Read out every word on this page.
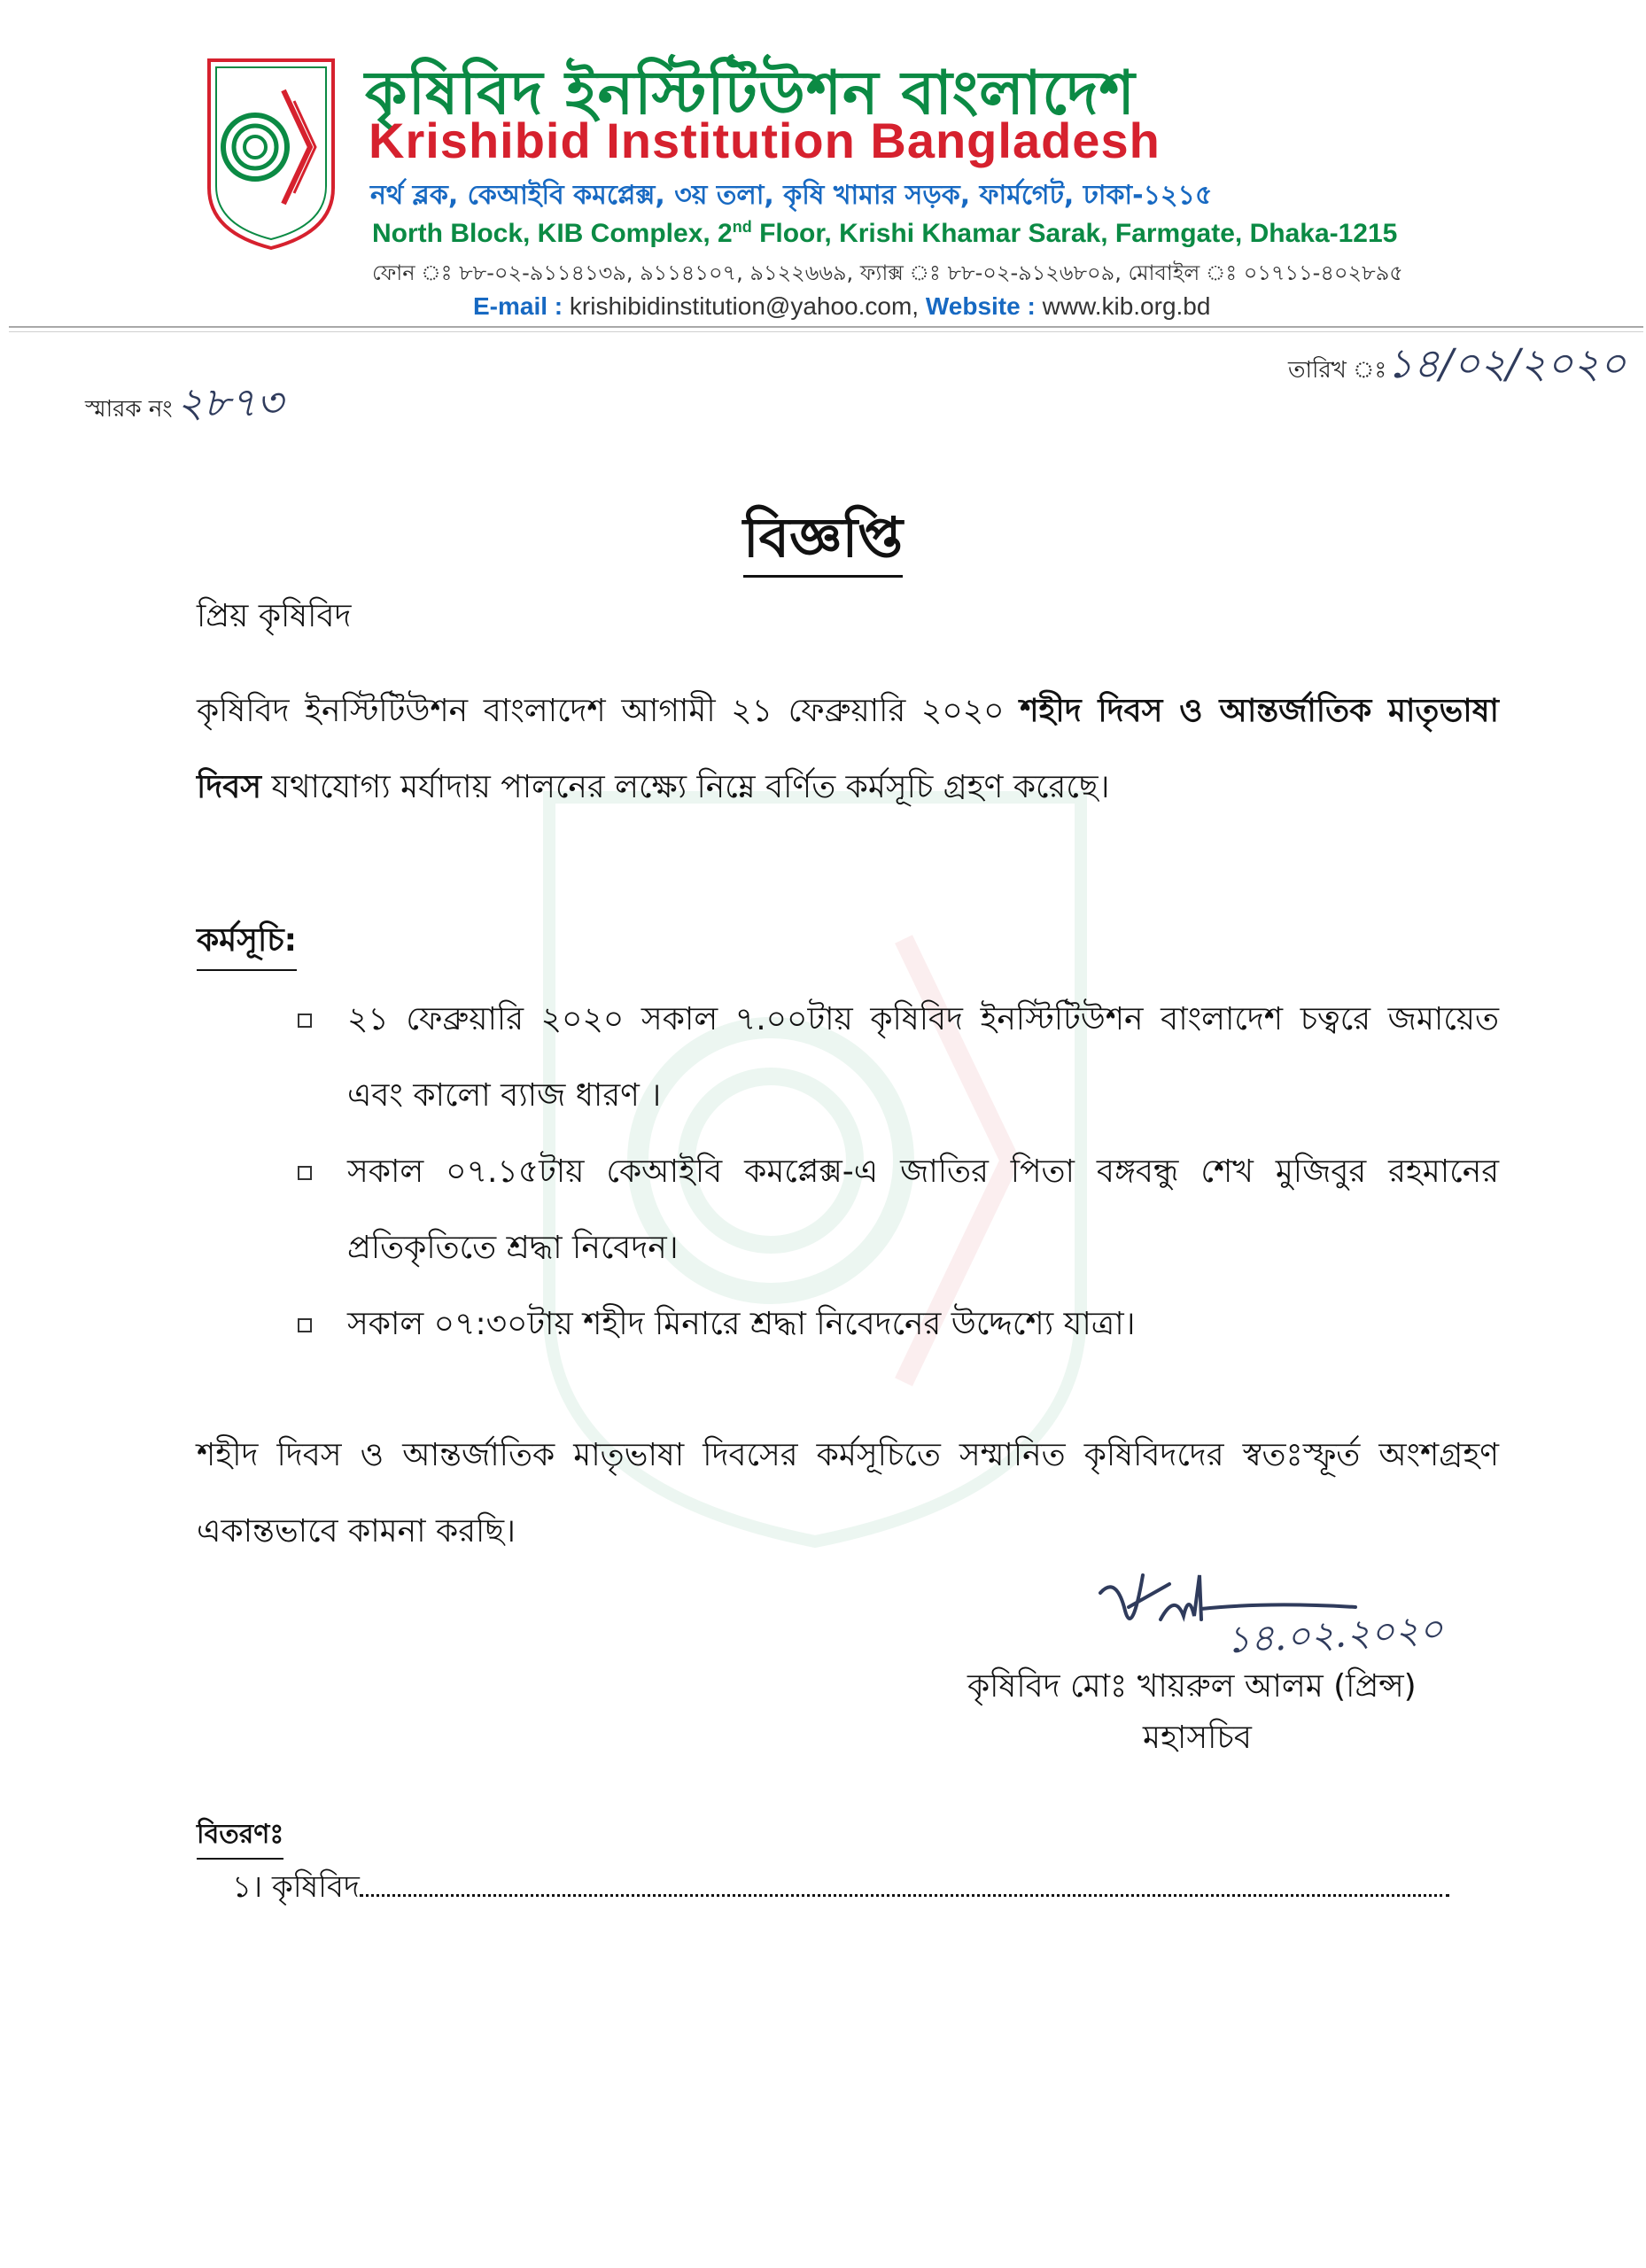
কৃষিবিদ ইনস্টিটিউশন বাংলাদেশ
Krishibid Institution Bangladesh
নর্থ ব্লক, কেআইবি কমপ্লেক্স, ৩য় তলা, কৃষি খামার সড়ক, ফার্মগেট, ঢাকা-১২১৫
North Block, KIB Complex, 2nd Floor, Krishi Khamar Sarak, Farmgate, Dhaka-1215
ফোন ঃ ৮৮-০২-৯১১৪১৩৯, ৯১১৪১০৭, ৯১২২৬৬৯, ফ্যাক্স ঃ ৮৮-০২-৯১২৬৮০৯, মোবাইল ঃ ০১৭১১-৪০২৮৯৫
E-mail : krishibidinstitution@yahoo.com, Website : www.kib.org.bd
স্মারক নং ২৮৭৩
তারিখ ঃ১৪/০২/২০২০
বিজ্ঞপ্তি
প্রিয় কৃষিবিদ
কৃষিবিদ ইনস্টিটিউশন বাংলাদেশ আগামী ২১ ফেব্রুয়ারি ২০২০ শহীদ দিবস ও আন্তর্জাতিক মাতৃভাষা দিবস যথাযোগ্য মর্যাদায় পালনের লক্ষ্যে নিম্নে বর্ণিত কর্মসূচি গ্রহণ করেছে।
কর্মসূচি:
২১ ফেব্রুয়ারি ২০২০ সকাল ৭.০০টায় কৃষিবিদ ইনস্টিটিউশন বাংলাদেশ চত্বরে জমায়েত এবং কালো ব্যাজ ধারণ ।
সকাল ০৭.১৫টায় কেআইবি কমপ্লেক্স-এ জাতির পিতা বঙ্গবন্ধু শেখ মুজিবুর রহমানের প্রতিকৃতিতে শ্রদ্ধা নিবেদন।
সকাল ০৭:৩০টায় শহীদ মিনারে শ্রদ্ধা নিবেদনের উদ্দেশ্যে যাত্রা।
শহীদ দিবস ও আন্তর্জাতিক মাতৃভাষা দিবসের কর্মসূচিতে সম্মানিত কৃষিবিদদের স্বতঃস্ফূর্ত অংশগ্রহণ একান্তভাবে কামনা করছি।
১৪.০২.২০২০
কৃষিবিদ মোঃ খায়রুল আলম (প্রিন্স)
মহাসচিব
বিতরণঃ
১। কৃষিবিদ
